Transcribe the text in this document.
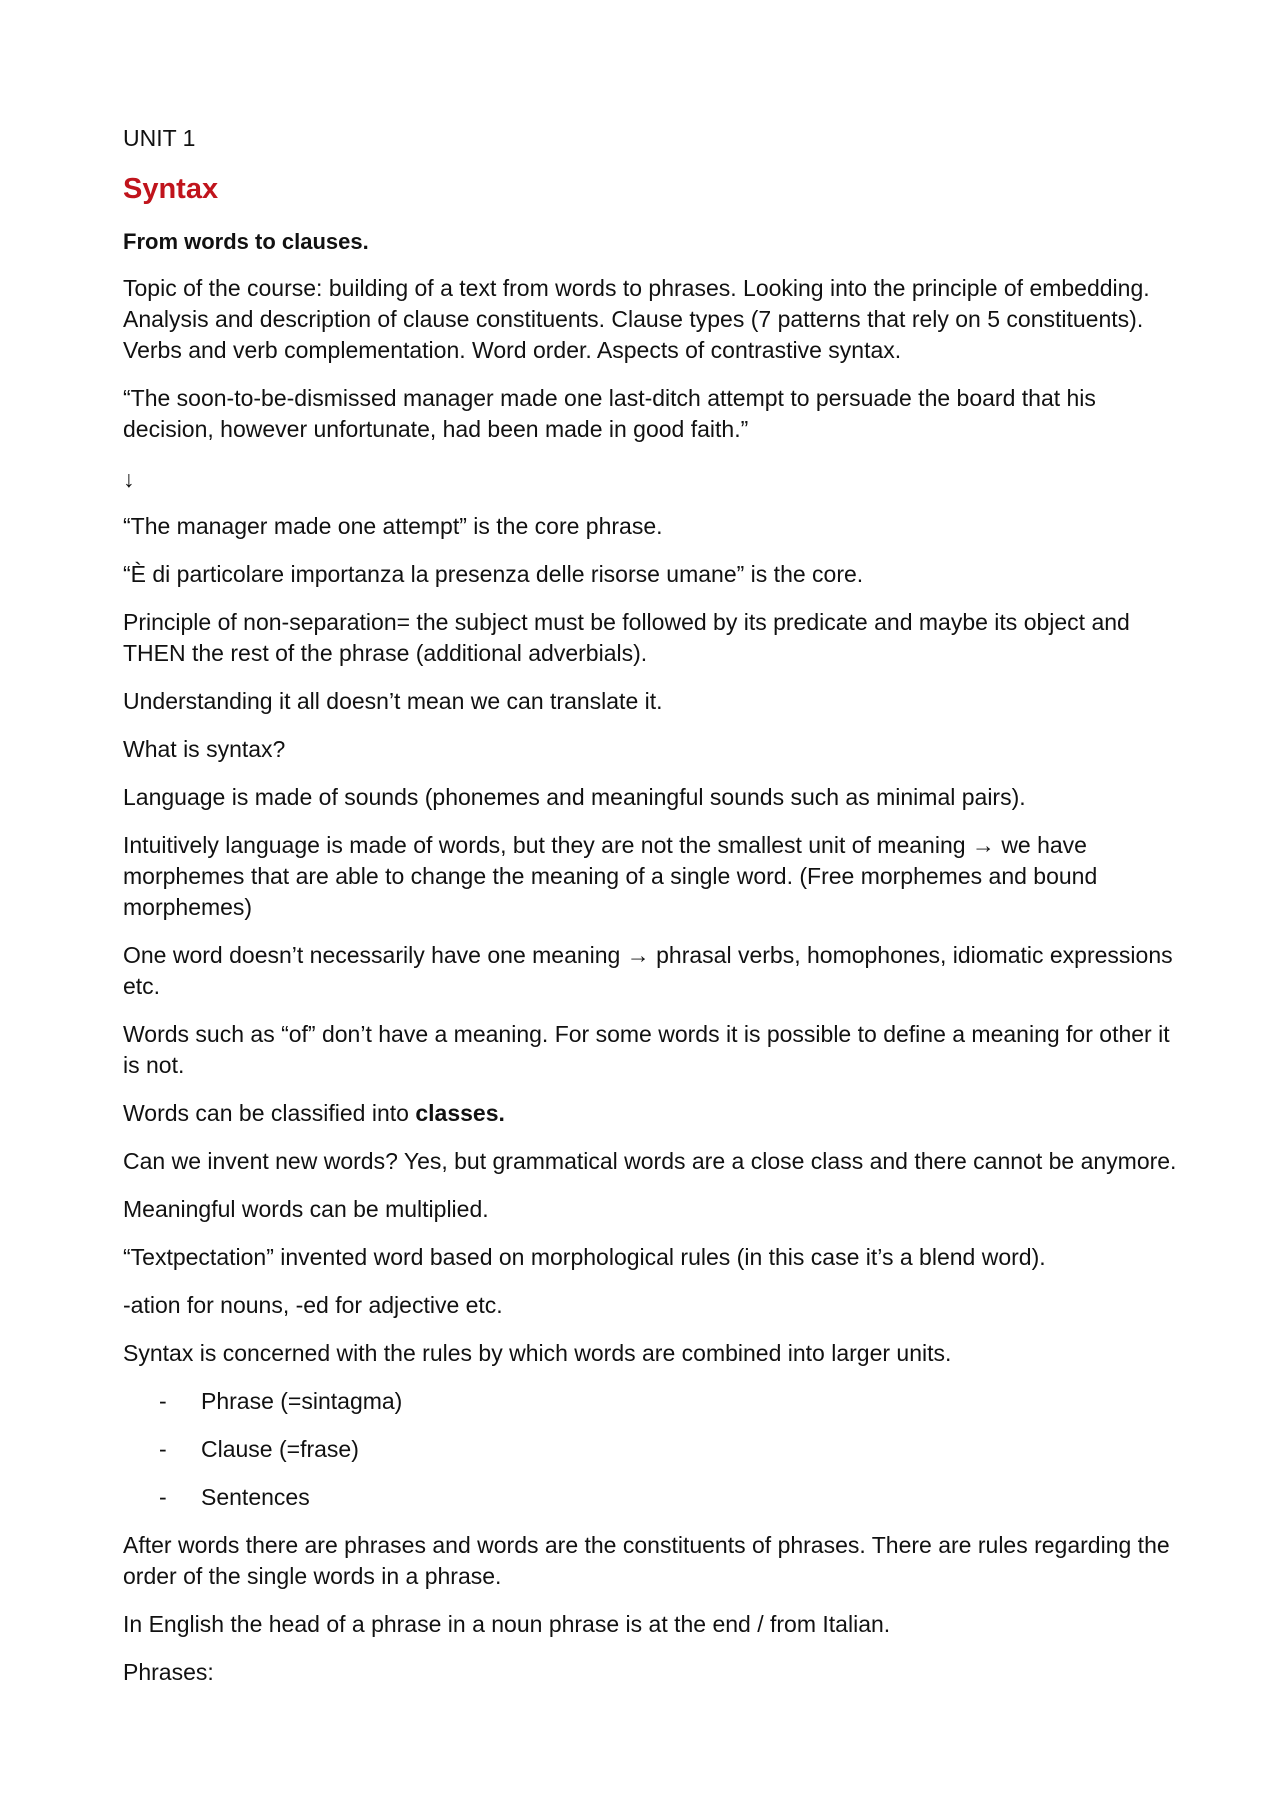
UNIT 1
Syntax
From words to clauses.

Topic of the course: building of a text from words to phrases. Looking into the principle of embedding. Analysis and description of clause constituents. Clause types (7 patterns that rely on 5 constituents). Verbs and verb complementation. Word order. Aspects of contrastive syntax.

“The soon-to-be-dismissed manager made one last-ditch attempt to persuade the board that his decision, however unfortunate, had been made in good faith.”

↓

“The manager made one attempt” is the core phrase.

“È di particolare importanza la presenza delle risorse umane” is the core.

Principle of non-separation= the subject must be followed by its predicate and maybe its object and THEN the rest of the phrase (additional adverbials).

Understanding it all doesn’t mean we can translate it.

What is syntax?

Language is made of sounds (phonemes and meaningful sounds such as minimal pairs).

Intuitively language is made of words, but they are not the smallest unit of meaning → we have morphemes that are able to change the meaning of a single word. (Free morphemes and bound morphemes)

One word doesn’t necessarily have one meaning → phrasal verbs, homophones, idiomatic expressions etc.

Words such as “of” don’t have a meaning. For some words it is possible to define a meaning for other it is not.

Words can be classified into classes.

Can we invent new words? Yes, but grammatical words are a close class and there cannot be anymore.

Meaningful words can be multiplied.

“Textpectation” invented word based on morphological rules (in this case it’s a blend word).

-ation for nouns, -ed for adjective etc.

Syntax is concerned with the rules by which words are combined into larger units.

-	Phrase (=sintagma)
-	Clause (=frase)
-	Sentences

After words there are phrases and words are the constituents of phrases. There are rules regarding the order of the single words in a phrase.

In English the head of a phrase in a noun phrase is at the end / from Italian.

Phrases:
